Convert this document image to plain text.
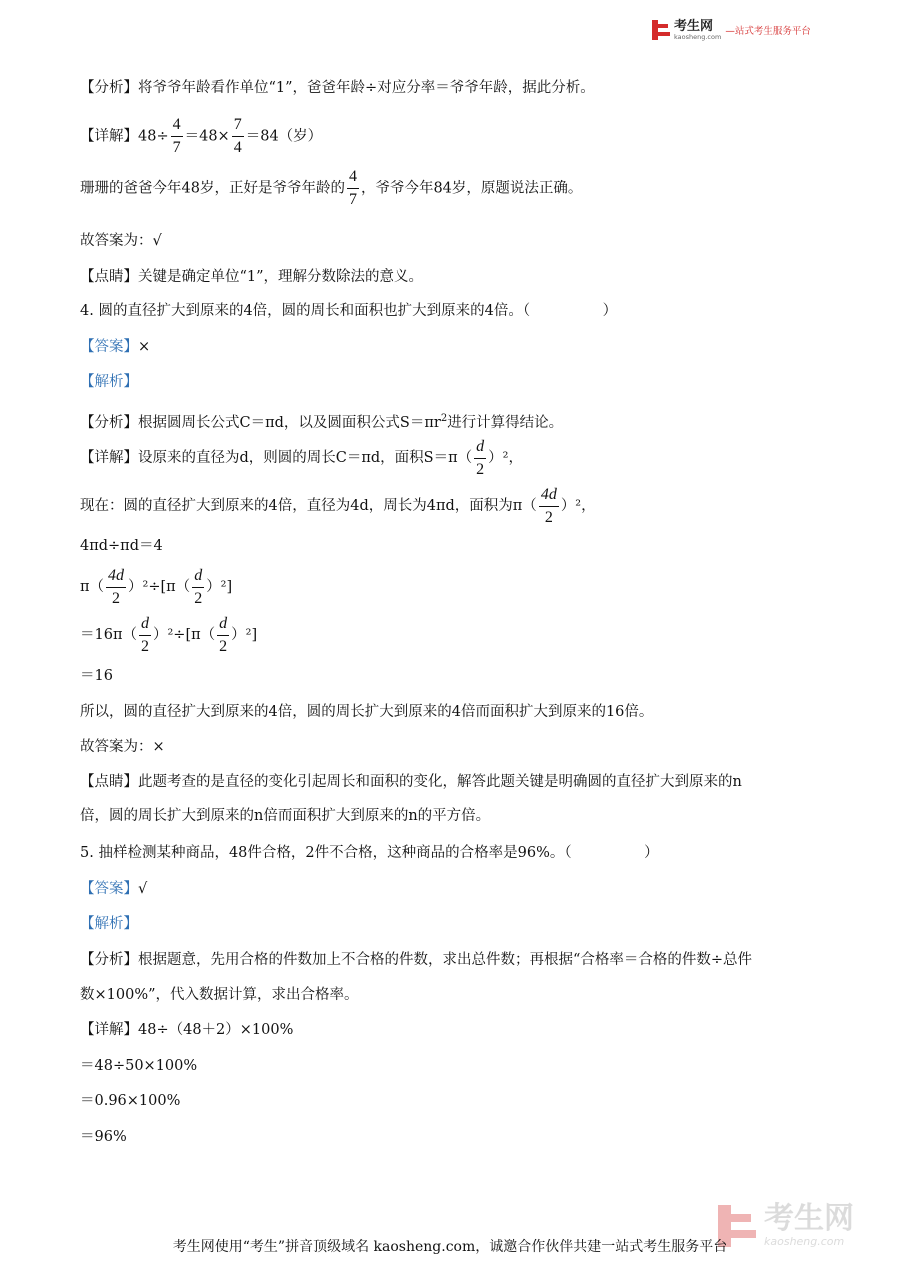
考生网
kaosheng.com —站式考生服务平台
【分析】将爷爷年龄看作单位“1”，爸爸年龄÷对应分率＝爷爷年龄，据此分析。
【详解】$48\div \frac{4}{7} =48\times \frac{7}{4} =84$（岁）
珊珊的爸爸今年48岁，正好是爷爷年龄的 $\frac{4}{7}$ ，爷爷今年84岁，原题说法正确。
故答案为：√
【点睛】关键是确定单位“1”，理解分数除法的意义。
4. 圆的直径扩大到原来的4倍，圆的周长和面积也扩大到原来的4倍。（　　　　　）
【答案】×
【解析】
【分析】根据圆周长公式C＝πd，以及圆面积公式$S=\pi r^2$进行计算得结论。
【详解】设原来的直径为d，则圆的周长C＝πd，面积$S=\pi( \frac{d}{2} )^2$，
现在：圆的直径扩大到原来的4倍，直径为4d，周长为4πd，面积为$\pi( \frac{4d}{2} )^2$，
4πd÷πd＝4
$\pi( \frac{4d}{2} )^2\div[\pi( \frac{d}{2} )^2]$
$=16\pi( \frac{d}{2} )^2\div[\pi( \frac{d}{2} )^2]$
＝16
所以，圆的直径扩大到原来的4倍，圆的周长扩大到原来的4倍而面积扩大到原来的16倍。
故答案为：×
【点睛】此题考查的是直径的变化引起周长和面积的变化，解答此题关键是明确圆的直径扩大到原来的n
倍，圆的周长扩大到原来的n倍而面积扩大到原来的n的平方倍。
5. 抽样检测某种商品，48件合格，2件不合格，这种商品的合格率是96%。（　　　　　）
【答案】√
【解析】
【分析】根据题意，先用合格的件数加上不合格的件数，求出总件数；再根据“合格率＝合格的件数÷总件
数×100%”，代入数据计算，求出合格率。
【详解】48÷（48＋2）×100%
＝48÷50×100%
＝0.96×100%
＝96%
考生网
kaosheng.com
考生网使用“考生”拼音顶级域名 kaosheng.com，诚邀合作伙伴共建一站式考生服务平台
